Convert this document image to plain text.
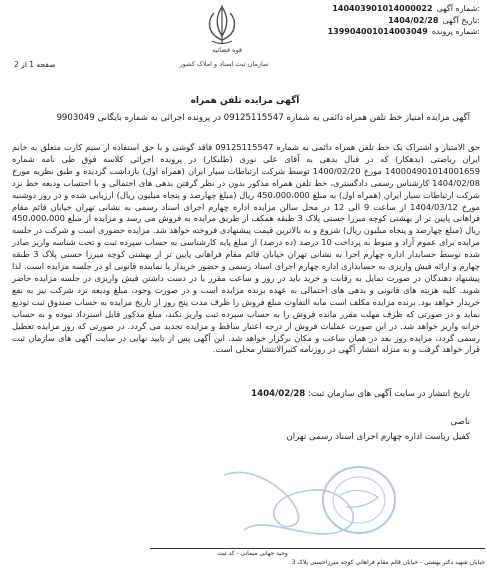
140403901014000022 :شماره آگهی
1404/02/28 :تاریخ آگهی
139904001014003049 :شماره پرونده
قوه قضائیه
سازمان ثبت اسناد و املاک کشور
صفحه 1 از 2
آگهی مزایده تلفن همراه
آگهی مزایده امتیاز خط تلفن همراه دائمی به شماره 09125115547 در پرونده اجرائی به شماره بایگانی 9903049
حق الامتیاز و اشتراک یک خط تلفن همراه دائمی به شماره 09125115547 فاقد گوشی و با حق استفاده از سیم کارت متعلق به خانم ایران ریاضتی (بدهکار) که در قبال بدهی به آقای علی نوری (طلبکار) در پرونده اجرائی کلاسه فوق طی نامه شماره 140004901014001659 مورخ 1400/02/20 توسط شرکت ارتباطات سیار ایران (همراه اول) بازداشت گردیده و طبق نظریه مورخ 1404/02/08 کارشناس رسمی دادگستری، خط تلفن همراه مذکور بدون در نظر گرفتن بدهی های احتمالی و با احتساب ودیعه خط نزد شرکت ارتباطات سیار ایران (همراه اول) به مبلغ 450،000،000 ریال (مبلغ چهارصد و پنجاه میلیون ریال) ارزیابی شده و در روز دوشنبه مورخ 1404/03/12 از ساعت 9 الی 12 در محل سالن مزایده اداره چهارم اجرای اسناد رسمی به نشانی تهران خیابان قائم مقام فراهانی پایین تر از بهشتی کوچه میرزا حسنی پلاک 3 طبقه همکف از طریق مزایده به فروش می رسد و مزایده از مبلغ 450،000،000 ریال (مبلغ چهارصد و پنجاه میلیون ریال) شروع و به بالاترین قیمت پیشنهادی فروخته خواهد شد. مزایده حضوری است و شرکت در جلسه مزایده برای عموم آزاد و منوط به پرداخت 10 درصد (ده درصد) از مبلغ پایه کارشناسی به حساب سپرده ثبت و تحت شناسه واریز صادر شده توسط حسابدار اداره چهارم اجرا به نشانی تهران خیابان قائم مقام فراهانی پایین تر از بهشتی کوچه میرزا حسنی پلاک 3 طبقه چهارم و ارائه فیش واریزی به حسابداری اداره چهارم اجرای اسناد رسمی و حضور خریدار یا نماینده قانونی او در جلسه مزایده است. لذا پیشنهاد دهندگان در صورت تمایل به رقابت و خرید باید در روز و ساعت مقرر با در دست داشتن فیش واریزی در جلسه مزایده حاضر شوند. کلیه هزینه های قانونی و بدهی های احتمالی به عهده برنده مزایده است و در صورت وجود، مبلغ ودیعه نزد شرکت نیز به نفع خریدار خواهد بود. برنده مزایده مکلف است مابه التفاوت مبلغ فروش را ظرف مدت پنج روز از تاریخ مزایده به حساب صندوق ثبت تودیع نماید و در صورتی که ظرف مهلت مقرر مانده فروش را به حساب سپرده ثبت واریز نکند، مبلغ مذکور قابل استرداد نبوده و به حساب خزانه واریز خواهد شد. در این صورت عملیات فروش از درجه اعتبار ساقط و مزایده تجدید می گردد. در صورتی که روز مزایده تعطیل رسمی گردد، مزایده روز بعد در همان ساعت و مکان برگزار خواهد شد. این آگهی پس از تایید نهایی در سایت آگهی های سازمان ثبت قرار خواهد گرفت و به منزله انتشار آگهی در روزنامه کثیرالانتشار محلی است.
تاریخ انتشار در سایت آگهی های سازمان ثبت: 1404/02/28
ناصی
کفیل ریاست اداره چهارم اجرای اسناد رسمی تهران
وحید جهانی میمانی - کد ثبت
خیابان شهید دکتر بهشتی - خیابان قائم مقام فراهانی کوچه میرزاحسنی پلاک 3
